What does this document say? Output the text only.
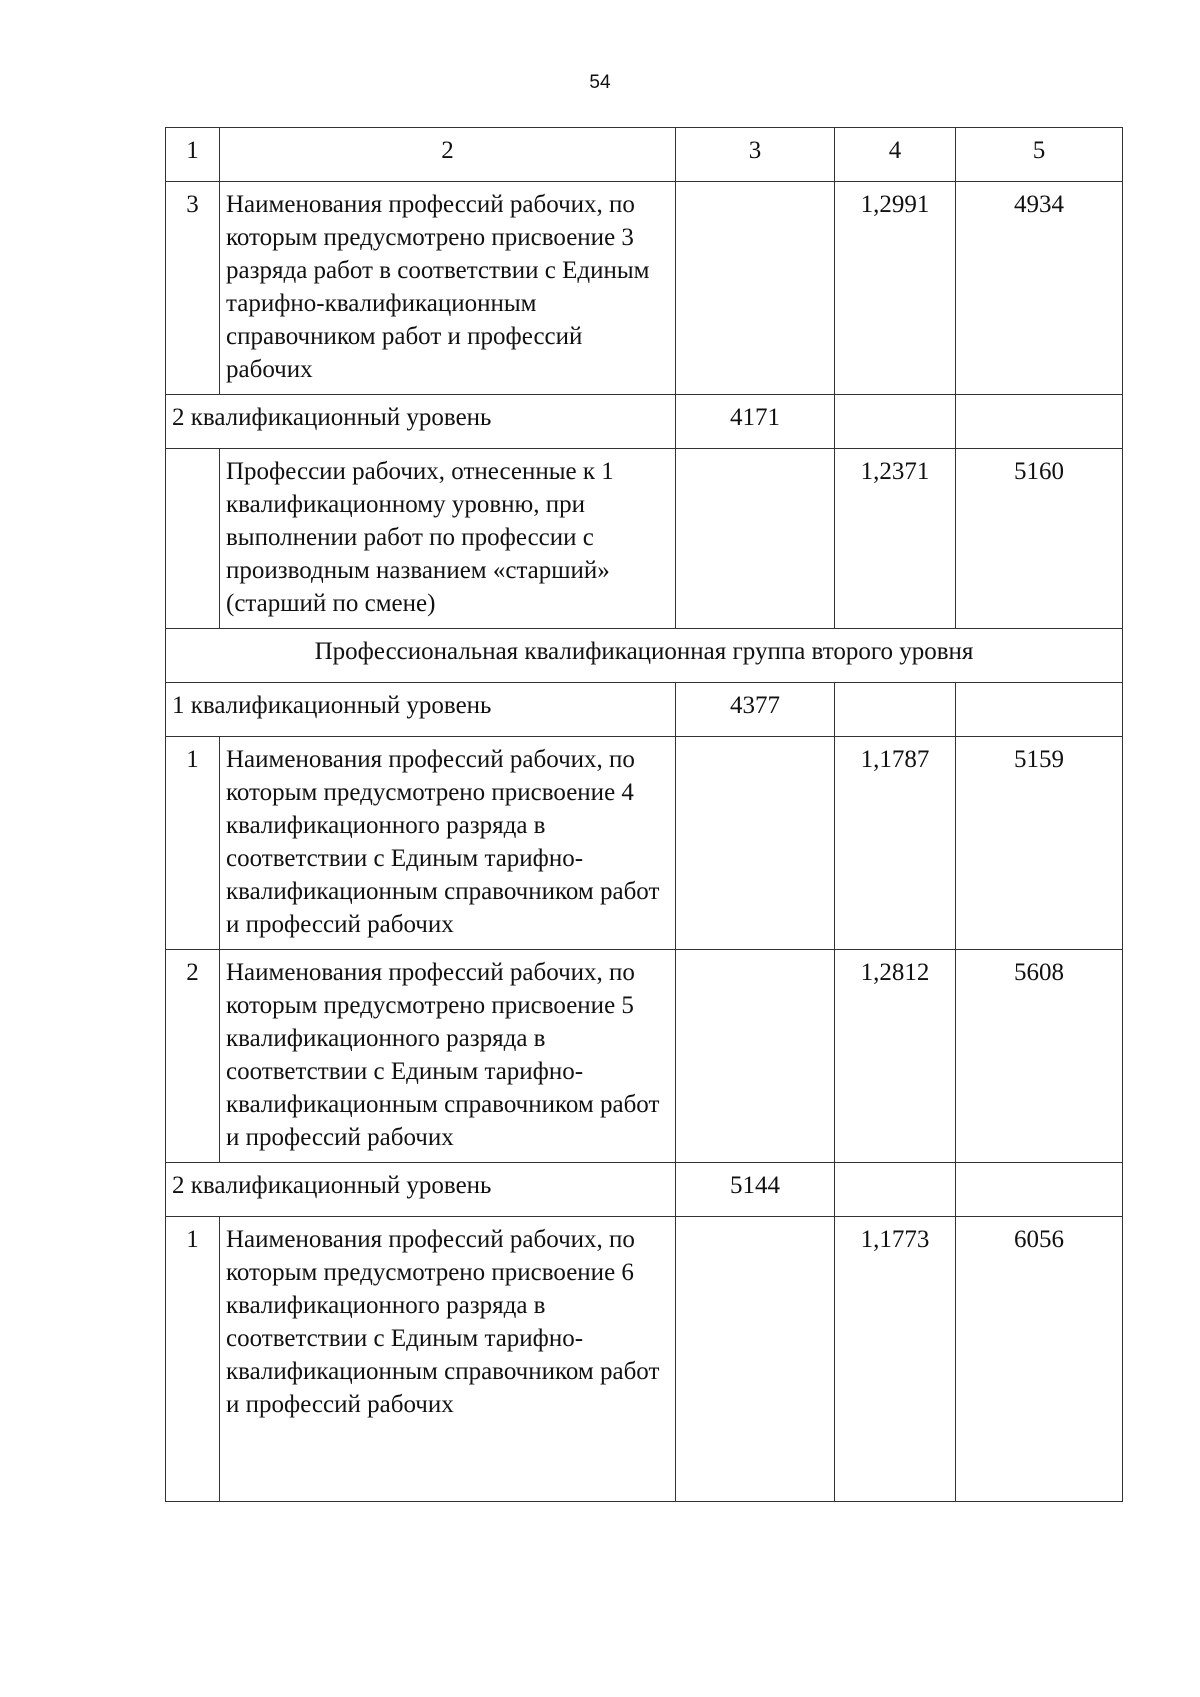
54
1	2	3	4	5
3	Наименования профессий рабочих, по которым предусмотрено присвоение 3 разряда работ в соответствии с Единым тарифно-квалификационным справочником работ и профессий рабочих		1,2991	4934
2 квалификационный уровень		4171		
	Профессии рабочих, отнесенные к 1 квалификационному уровню, при выполнении работ по профессии с производным названием «старший» (старший по смене)		1,2371	5160
Профессиональная квалификационная группа второго уровня				
1 квалификационный уровень		4377		
1	Наименования профессий рабочих, по которым предусмотрено присвоение 4 квалификационного разряда в соответствии с Единым тарифно-квалификационным справочником работ и профессий рабочих		1,1787	5159
2	Наименования профессий рабочих, по которым предусмотрено присвоение 5 квалификационного разряда в соответствии с Единым тарифно-квалификационным справочником работ и профессий рабочих		1,2812	5608
2 квалификационный уровень		5144		
1	Наименования профессий рабочих, по которым предусмотрено присвоение 6 квалификационного разряда в соответствии с Единым тарифно-квалификационным справочником работ и профессий рабочих		1,1773	6056
